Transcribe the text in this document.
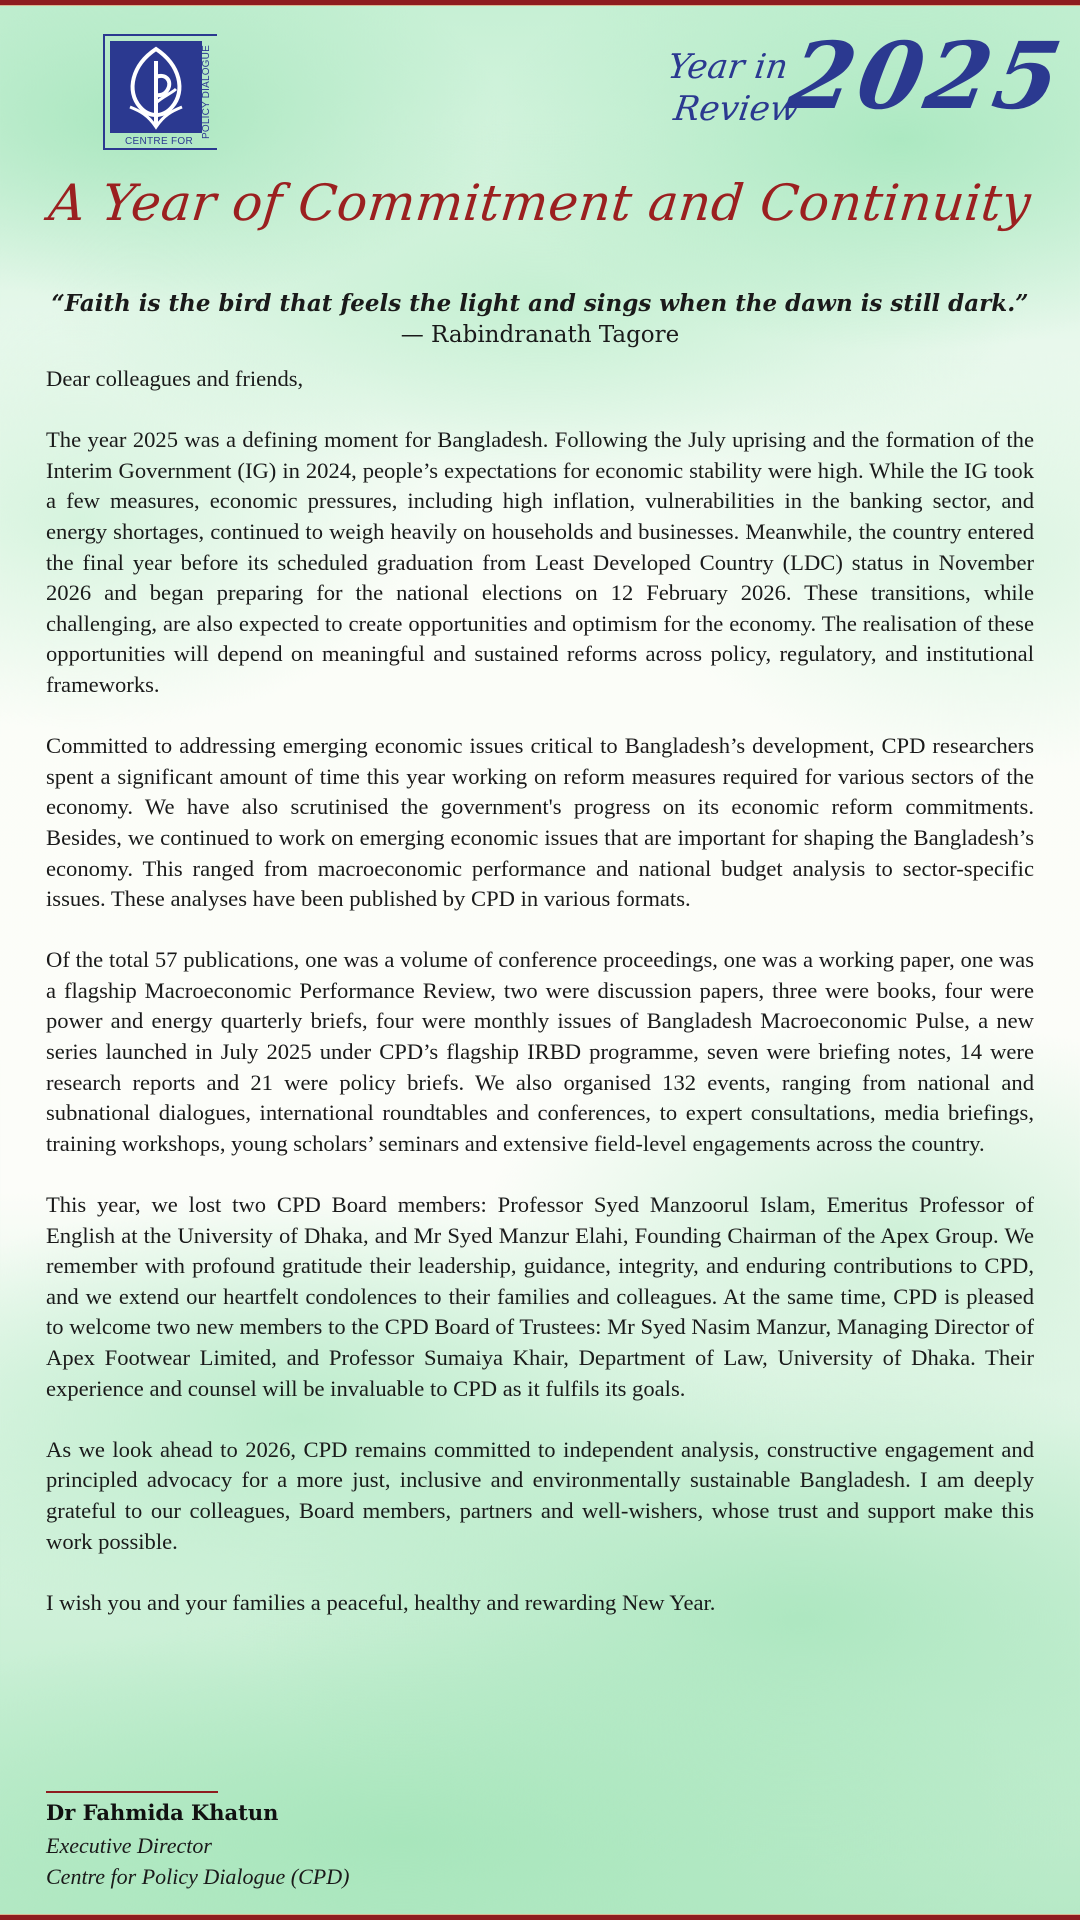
POLICY DIALOGUE
CENTRE FOR
Year in
Review
2025
A Year of Commitment and Continuity
“Faith is the bird that feels the light and sings when the dawn is still dark.”
— Rabindranath Tagore

Dear colleagues and friends,

The year 2025 was a defining moment for Bangladesh. Following the July uprising and the formation of the Interim Government (IG) in 2024, people’s expectations for economic stability were high. While the IG took a few measures, economic pressures, including high inflation, vulnerabilities in the banking sector, and energy shortages, continued to weigh heavily on households and businesses. Meanwhile, the country entered the final year before its scheduled graduation from Least Developed Country (LDC) status in November 2026 and began preparing for the national elections on 12 February 2026. These transitions, while challenging, are also expected to create opportunities and optimism for the economy. The realisation of these opportunities will depend on meaningful and sustained reforms across policy, regulatory, and institutional frameworks.

Committed to addressing emerging economic issues critical to Bangladesh’s development, CPD researchers spent a significant amount of time this year working on reform measures required for various sectors of the economy. We have also scrutinised the government's progress on its economic reform commitments. Besides, we continued to work on emerging economic issues that are important for shaping the Bangladesh’s economy. This ranged from macroeconomic performance and national budget analysis to sector-specific issues. These analyses have been published by CPD in various formats.

Of the total 57 publications, one was a volume of conference proceedings, one was a working paper, one was a flagship Macroeconomic Performance Review, two were discussion papers, three were books, four were power and energy quarterly briefs, four were monthly issues of Bangladesh Macroeconomic Pulse, a new series launched in July 2025 under CPD’s flagship IRBD programme, seven were briefing notes, 14 were research reports and 21 were policy briefs. We also organised 132 events, ranging from national and subnational dialogues, international roundtables and conferences, to expert consultations, media briefings, training workshops, young scholars’ seminars and extensive field-level engagements across the country.

This year, we lost two CPD Board members: Professor Syed Manzoorul Islam, Emeritus Professor of English at the University of Dhaka, and Mr Syed Manzur Elahi, Founding Chairman of the Apex Group. We remember with profound gratitude their leadership, guidance, integrity, and enduring contributions to CPD, and we extend our heartfelt condolences to their families and colleagues. At the same time, CPD is pleased to welcome two new members to the CPD Board of Trustees: Mr Syed Nasim Manzur, Managing Director of Apex Footwear Limited, and Professor Sumaiya Khair, Department of Law, University of Dhaka. Their experience and counsel will be invaluable to CPD as it fulfils its goals.

As we look ahead to 2026, CPD remains committed to independent analysis, constructive engagement and principled advocacy for a more just, inclusive and environmentally sustainable Bangladesh. I am deeply grateful to our colleagues, Board members, partners and well-wishers, whose trust and support make this work possible.

I wish you and your families a peaceful, healthy and rewarding New Year.

Dr Fahmida Khatun
Executive Director
Centre for Policy Dialogue (CPD)
